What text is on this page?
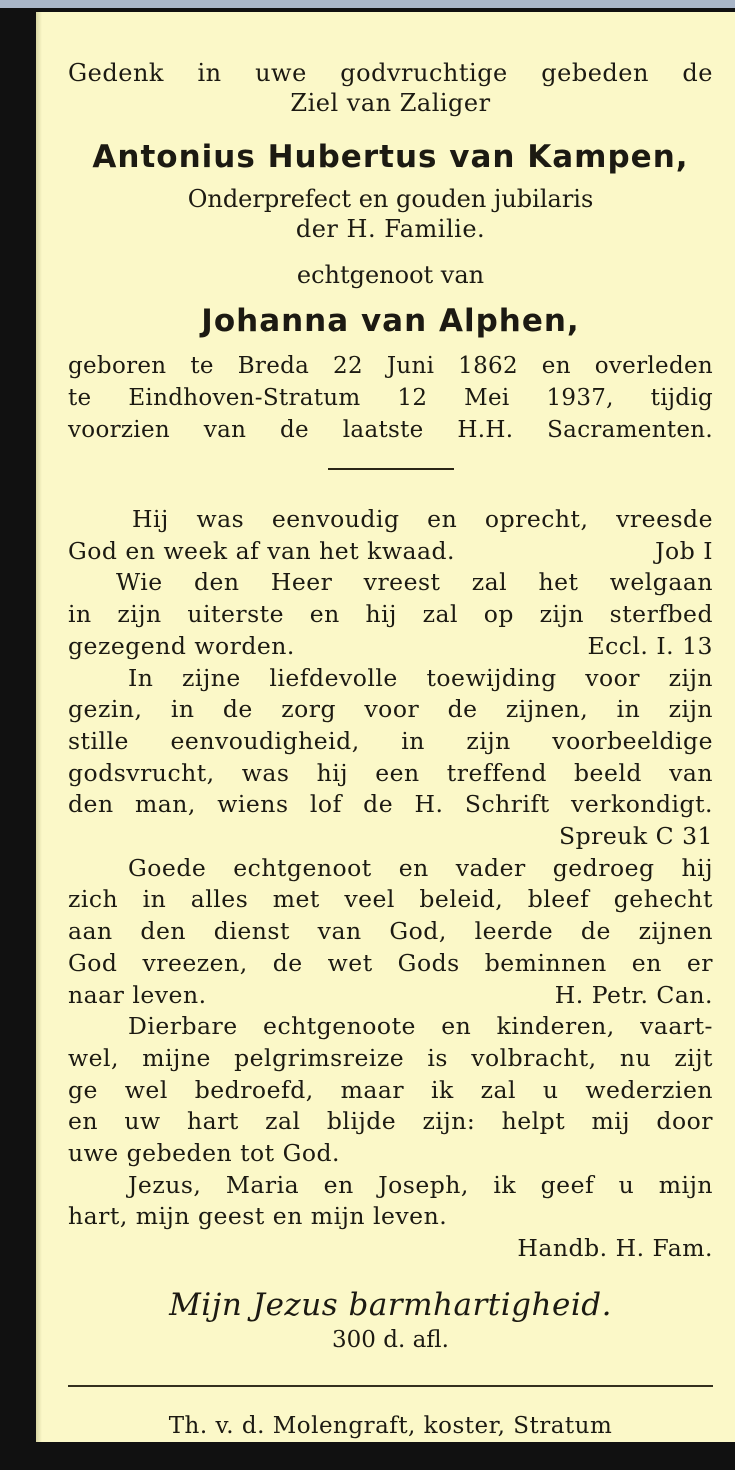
Gedenk in uwe godvruchtige gebeden de
Ziel van Zaliger
Antonius Hubertus van Kampen,
Onderprefect en gouden jubilaris
der H. Familie.
echtgenoot van
Johanna van Alphen,
geboren te Breda 22 Juni 1862 en overleden
te Eindhoven-Stratum 12 Mei 1937, tijdig
voorzien van de laatste H.H. Sacramenten.
Hij was eenvoudig en oprecht, vreesde
God en week af van het kwaad.	Job I
Wie den Heer vreest zal het welgaan
in zijn uiterste en hij zal op zijn sterfbed
gezegend worden.	Eccl. I. 13
In zijne liefdevolle toewijding voor zijn
gezin, in de zorg voor de zijnen, in zijn
stille eenvoudigheid, in zijn voorbeeldige
godsvrucht, was hij een treffend beeld van
den man, wiens lof de H. Schrift verkondigt.
Spreuk C 31
Goede echtgenoot en vader gedroeg hij
zich in alles met veel beleid, bleef gehecht
aan den dienst van God, leerde de zijnen
God vreezen, de wet Gods beminnen en er
naar leven.	H. Petr. Can.
Dierbare echtgenoote en kinderen, vaart-
wel, mijne pelgrimsreize is volbracht, nu zijt
ge wel bedroefd, maar ik zal u wederzien
en uw hart zal blijde zijn: helpt mij door
uwe gebeden tot God.
Jezus, Maria en Joseph, ik geef u mijn
hart, mijn geest en mijn leven.
Handb. H. Fam.
Mijn Jezus barmhartigheid.
300 d. afl.
Th. v. d. Molengraft, koster, Stratum
